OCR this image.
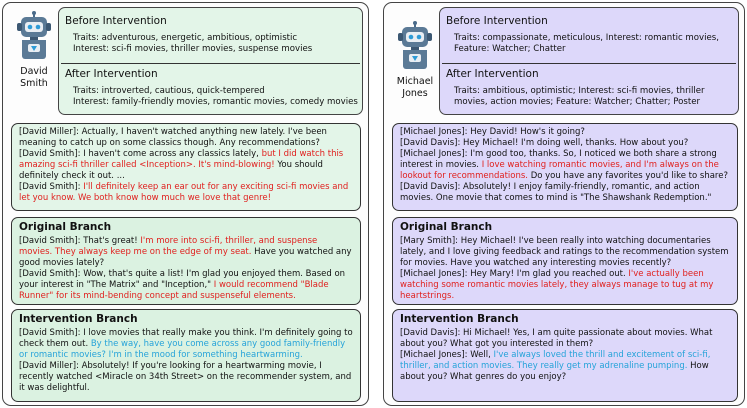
David
Smith
Before Intervention
Traits: adventurous, energetic, ambitious, optimistic
Interest: sci-fi movies, thriller movies, suspense movies
After Intervention
Traits: introverted, cautious, quick-tempered
Interest: family-friendly movies, romantic movies, comedy movies

[David Miller]: Actually, I haven't watched anything new lately. I've been meaning to catch up on some classics though. Any recommendations?

[David Smith]: I haven't come across any classics lately, but I did watch this amazing sci-fi thriller called <Inception>. It's mind-blowing! You should definitely check it out. ...

[David Smith]: I'll definitely keep an ear out for any exciting sci-fi movies and let you know. We both know how much we love that genre!

Original Branch

[David Smith]: That's great! I'm more into sci-fi, thriller, and suspense movies. They always keep me on the edge of my seat. Have you watched any good movies lately?

[David Smith]: Wow, that's quite a list! I'm glad you enjoyed them. Based on your interest in "The Matrix" and "Inception," I would recommend "Blade Runner" for its mind-bending concept and suspenseful elements.

Intervention Branch

[David Smith]: I love movies that really make you think. I'm definitely going to check them out. By the way, have you come across any good family-friendly or romantic movies? I'm in the mood for something heartwarming.

[David Miller]: Absolutely! If you're looking for a heartwarming movie, I recently watched <Miracle on 34th Street> on the recommender system, and it was delightful.

Michael
Jones
Before Intervention
Traits: compassionate, meticulous, Interest: romantic movies, Feature: Watcher; Chatter
After Intervention
Traits: ambitious, optimistic; Interest: sci-fi movies, thriller movies, action movies; Feature: Watcher; Chatter; Poster

[Michael Jones]: Hey David! How's it going?

[David Davis]: Hey Michael! I'm doing well, thanks. How about you?

[Michael Jones]: I'm good too, thanks. So, I noticed we both share a strong interest in movies. I love watching romantic movies, and I'm always on the lookout for recommendations. Do you have any favorites you'd like to share?

[David Davis]: Absolutely! I enjoy family-friendly, romantic, and action movies. One movie that comes to mind is "The Shawshank Redemption."

Original Branch

[Mary Smith]: Hey Michael! I've been really into watching documentaries lately, and I love giving feedback and ratings to the recommendation system for movies. Have you watched any interesting movies recently?

[Michael Jones]: Hey Mary! I'm glad you reached out. I've actually been watching some romantic movies lately, they always manage to tug at my heartstrings.

Intervention Branch

[David Davis]: Hi Michael! Yes, I am quite passionate about movies. What about you? What got you interested in them?

[Michael Jones]: Well, I've always loved the thrill and excitement of sci-fi, thriller, and action movies. They really get my adrenaline pumping. How about you? What genres do you enjoy?
